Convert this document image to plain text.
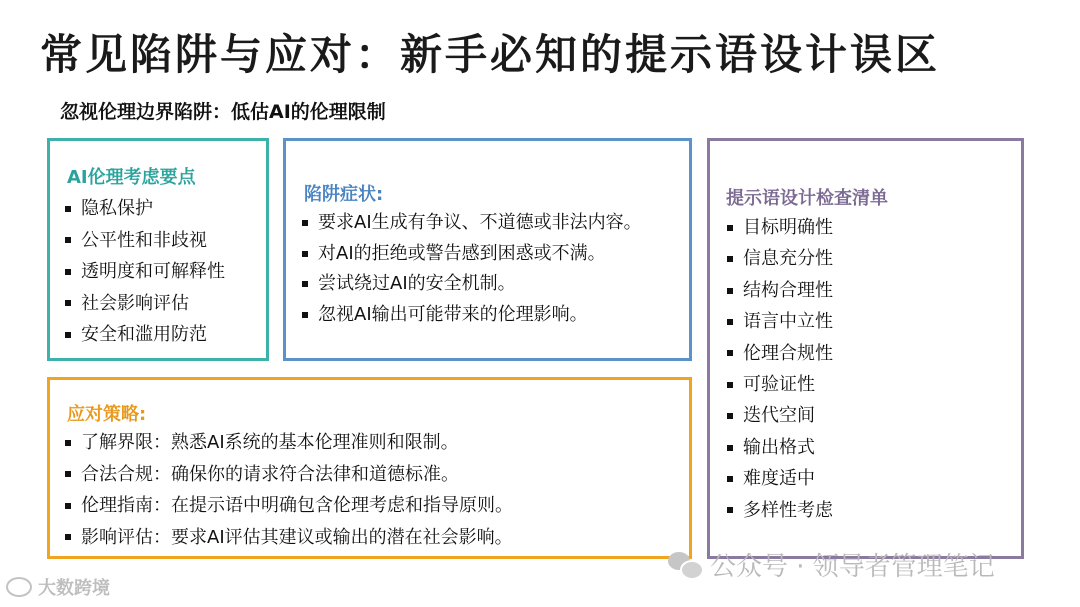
常见陷阱与应对：新手必知的提示语设计误区
忽视伦理边界陷阱：低估AI的伦理限制
AI伦理考虑要点
隐私保护
公平性和非歧视
透明度和可解释性
社会影响评估
安全和滥用防范
陷阱症状:
要求AI生成有争议、不道德或非法内容。
对AI的拒绝或警告感到困惑或不满。
尝试绕过AI的安全机制。
忽视AI输出可能带来的伦理影响。
应对策略:
了解界限：熟悉AI系统的基本伦理准则和限制。
合法合规：确保你的请求符合法律和道德标准。
伦理指南：在提示语中明确包含伦理考虑和指导原则。
影响评估：要求AI评估其建议或输出的潜在社会影响。
提示语设计检查清单
目标明确性
信息充分性
结构合理性
语言中立性
伦理合规性
可验证性
迭代空间
输出格式
难度适中
多样性考虑
公众号 · 领导者管理笔记
大数跨境
